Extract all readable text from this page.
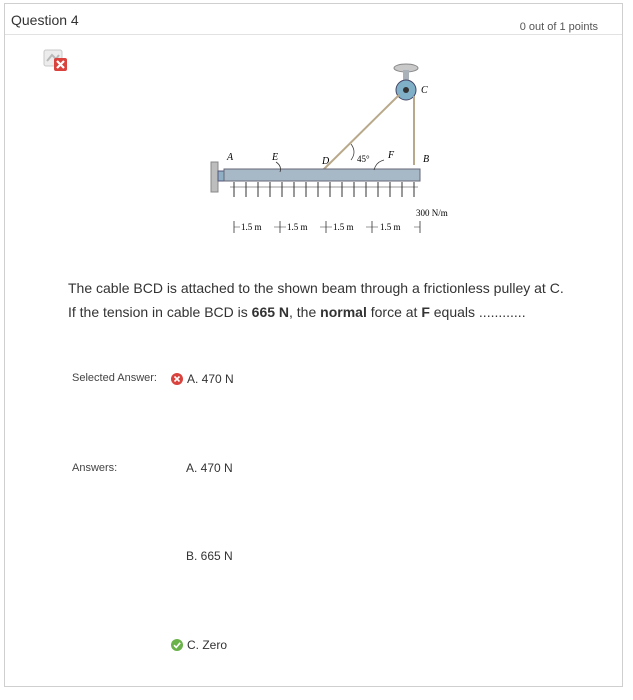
Question 4	0 out of 1 points
C
45°
A	E	D
F	B
300 N/m
1.5 m	1.5 m	1.5 m	1.5 m
The cable BCD is attached to the shown beam through a frictionless pulley at C.
If the tension in cable BCD is 665 N, the normal force at F equals ............
Selected Answer:	A. 470 N
Answers:	A. 470 N
B. 665 N
C. Zero
